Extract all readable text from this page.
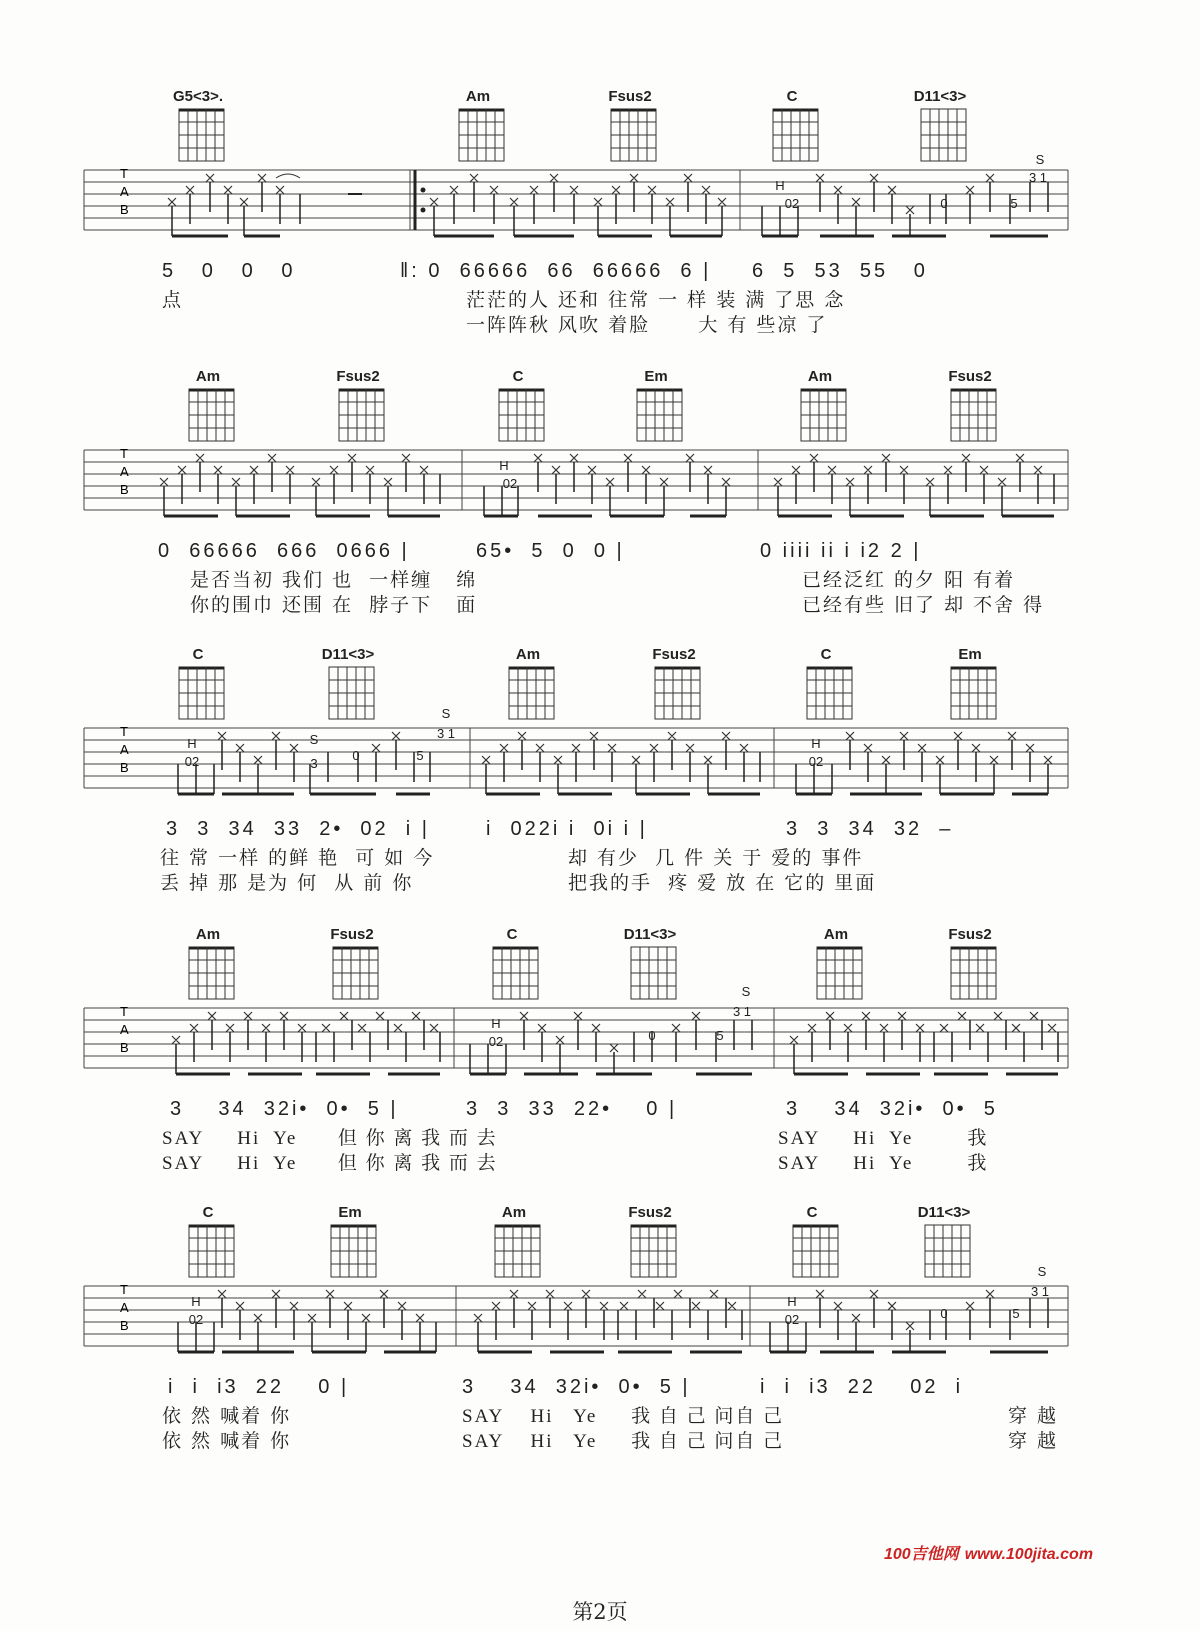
G5<3>.	Am	Fsus2	C	D11<3>
H
02	0	5
3 1
S
T
A
B
5   0   0   0	‖: 0  66666  66  66666  6 | 6  5  53  55   0
点	茫茫的人 还和 往常 一 样 装 满 了思 念
一阵阵秋 风吹 着脸      大 有 些凉 了
Am	Fsus2	C	Em	Am	Fsus2
H
02
T
A
B
0  66666  666  0666 |	65•  5  0  0 |	0 iiii ii i i2 2 |
是否当初 我们 也  一样缠   绵	已经泛红 的夕 阳 有着
你的围巾 还围 在  脖子下   面	已经有些 旧了 却 不舍 得
C	D11<3>	Am	Fsus2	C	Em
H
02
S
3
0	5
3 1
S
H
02
T
A
B
3  3  34  33  2•  02  i |	i  022i i  0i i |	3  3  34  32  –
往 常 一样 的鲜 艳  可 如 今	却 有少  几 件 关 于 爱的 事件
丢 掉 那 是为 何  从 前 你	把我的手  疼 爱 放 在 它的 里面
Am	Fsus2	C	D11<3>	Am	Fsus2
H
02	0	5
3 1
S
T
A
B
3    34  32i•  0•  5 |	3  3  33  22•    0 |	3    34  32i•  0•  5
SAY     Hi  Ye      但 你 离 我 而 去	SAY     Hi  Ye        我
SAY     Hi  Ye      但 你 离 我 而 去	SAY     Hi  Ye        我
C	Em	Am	Fsus2	C	D11<3>
H
02
H
02	0	5
3 1
S
T
A
B
i  i  i3  22    0 |	3    34  32i•  0•  5 |	i  i  i3  22    02  i
依 然 喊着 你	SAY    Hi   Ye     我 自 己 问自 己	穿 越
依 然 喊着 你	SAY    Hi   Ye     我 自 己 问自 己	穿 越
100吉他网 www.100jita.com
第2页
